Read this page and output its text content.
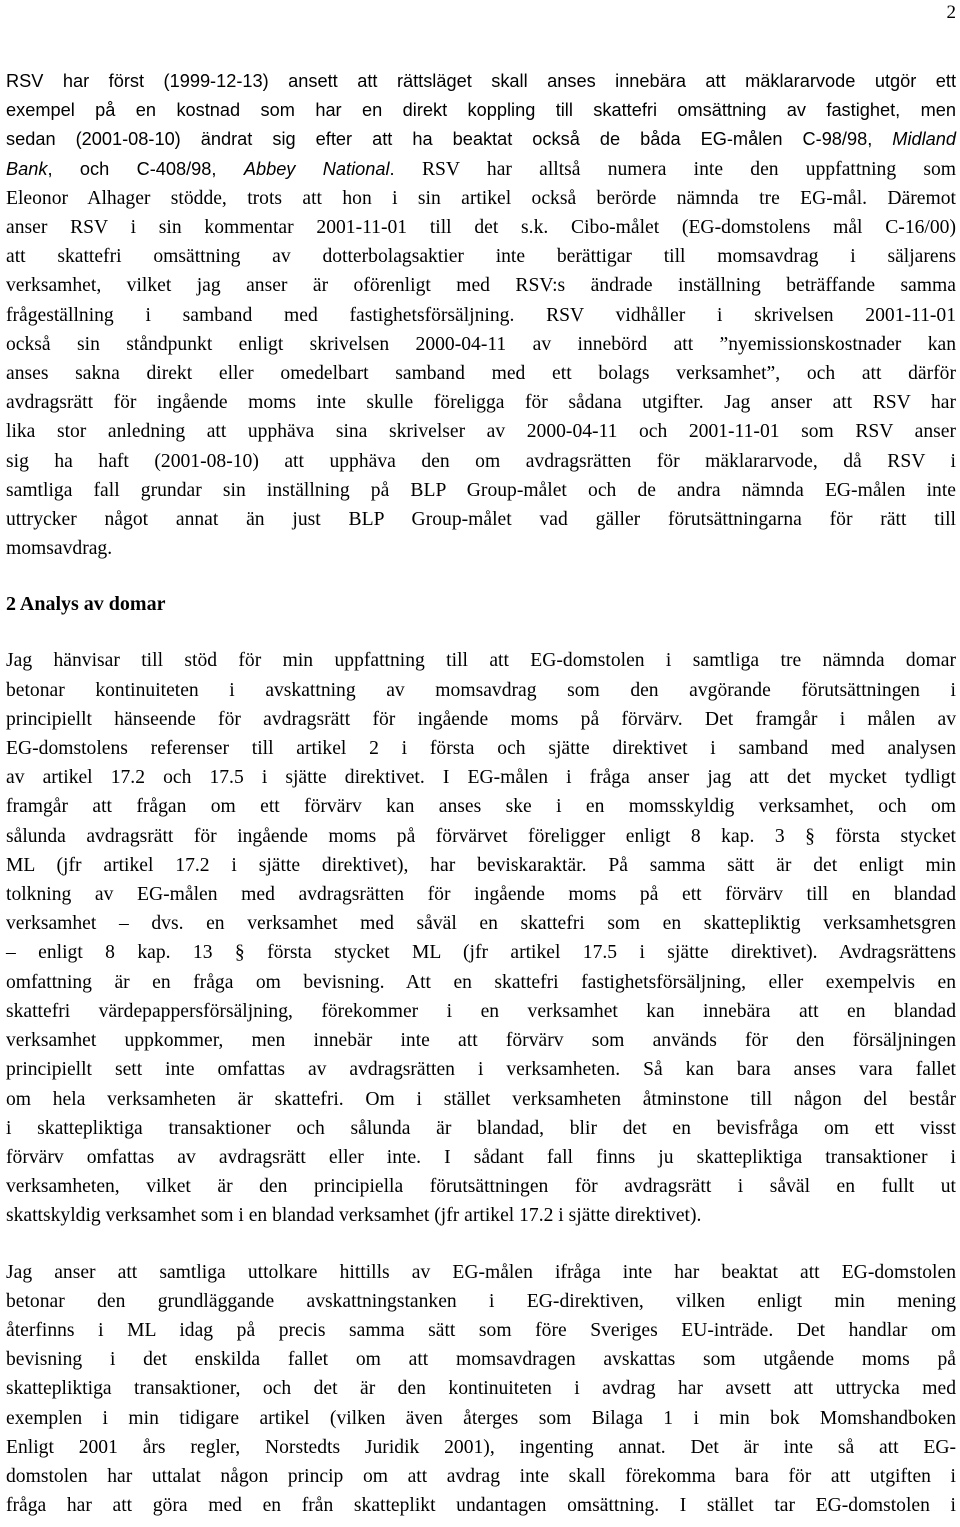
2

RSV har först (1999-12-13) ansett att rättsläget skall anses innebära att mäklararvode utgör ett
exempel på en kostnad som har en direkt koppling till skattefri omsättning av fastighet, men
sedan (2001-08-10) ändrat sig efter att ha beaktat också de båda EG-målen C-98/98, Midland
Bank, och C-408/98, Abbey National. RSV har alltså numera inte den uppfattning som
Eleonor Alhager stödde, trots att hon i sin artikel också berörde nämnda tre EG-mål. Däremot
anser RSV i sin kommentar 2001-11-01 till det s.k. Cibo-målet (EG-domstolens mål C-16/00)
att skattefri omsättning av dotterbolagsaktier inte berättigar till momsavdrag i säljarens
verksamhet, vilket jag anser är oförenligt med RSV:s ändrade inställning beträffande samma
frågeställning i samband med fastighetsförsäljning. RSV vidhåller i skrivelsen 2001-11-01
också sin ståndpunkt enligt skrivelsen 2000-04-11 av innebörd att ”nyemissionskostnader kan
anses sakna direkt eller omedelbart samband med ett bolags verksamhet”, och att därför
avdragsrätt för ingående moms inte skulle föreligga för sådana utgifter. Jag anser att RSV har
lika stor anledning att upphäva sina skrivelser av 2000-04-11 och 2001-11-01 som RSV anser
sig ha haft (2001-08-10) att upphäva den om avdragsrätten för mäklararvode, då RSV i
samtliga fall grundar sin inställning på BLP Group-målet och de andra nämnda EG-målen inte
uttrycker något annat än just BLP Group-målet vad gäller förutsättningarna för rätt till
momsavdrag.

2 Analys av domar

Jag hänvisar till stöd för min uppfattning till att EG-domstolen i samtliga tre nämnda domar
betonar kontinuiteten i avskattning av momsavdrag som den avgörande förutsättningen i
principiellt hänseende för avdragsrätt för ingående moms på förvärv. Det framgår i målen av
EG-domstolens referenser till artikel 2 i första och sjätte direktivet i samband med analysen
av artikel 17.2 och 17.5 i sjätte direktivet. I EG-målen i fråga anser jag att det mycket tydligt
framgår att frågan om ett förvärv kan anses ske i en momsskyldig verksamhet, och om
sålunda avdragsrätt för ingående moms på förvärvet föreligger enligt 8 kap. 3 § första stycket
ML (jfr artikel 17.2 i sjätte direktivet), har beviskaraktär. På samma sätt är det enligt min
tolkning av EG-målen med avdragsrätten för ingående moms på ett förvärv till en blandad
verksamhet – dvs. en verksamhet med såväl en skattefri som en skattepliktig verksamhetsgren
– enligt 8 kap. 13 § första stycket ML (jfr artikel 17.5 i sjätte direktivet). Avdragsrättens
omfattning är en fråga om bevisning. Att en skattefri fastighetsförsäljning, eller exempelvis en
skattefri värdepappersförsäljning, förekommer i en verksamhet kan innebära att en blandad
verksamhet uppkommer, men innebär inte att förvärv som används för den försäljningen
principiellt sett inte omfattas av avdragsrätten i verksamheten. Så kan bara anses vara fallet
om hela verksamheten är skattefri. Om i stället verksamheten åtminstone till någon del består
i skattepliktiga transaktioner och sålunda är blandad, blir det en bevisfråga om ett visst
förvärv omfattas av avdragsrätt eller inte. I sådant fall finns ju skattepliktiga transaktioner i
verksamheten, vilket är den principiella förutsättningen för avdragsrätt i såväl en fullt ut
skattskyldig verksamhet som i en blandad verksamhet (jfr artikel 17.2 i sjätte direktivet).

Jag anser att samtliga uttolkare hittills av EG-målen ifråga inte har beaktat att EG-domstolen
betonar den grundläggande avskattningstanken i EG-direktiven, vilken enligt min mening
återfinns i ML idag på precis samma sätt som före Sveriges EU-inträde. Det handlar om
bevisning i det enskilda fallet om att momsavdragen avskattas som utgående moms på
skattepliktiga transaktioner, och det är den kontinuiteten i avdrag har avsett att uttrycka med
exemplen i min tidigare artikel (vilken även återges som Bilaga 1 i min bok Momshandboken
Enligt 2001 års regler, Norstedts Juridik 2001), ingenting annat. Det är inte så att EG-
domstolen har uttalat någon princip om att avdrag inte skall förekomma bara för att utgiften i
fråga har att göra med en från skatteplikt undantagen omsättning. I stället tar EG-domstolen i
